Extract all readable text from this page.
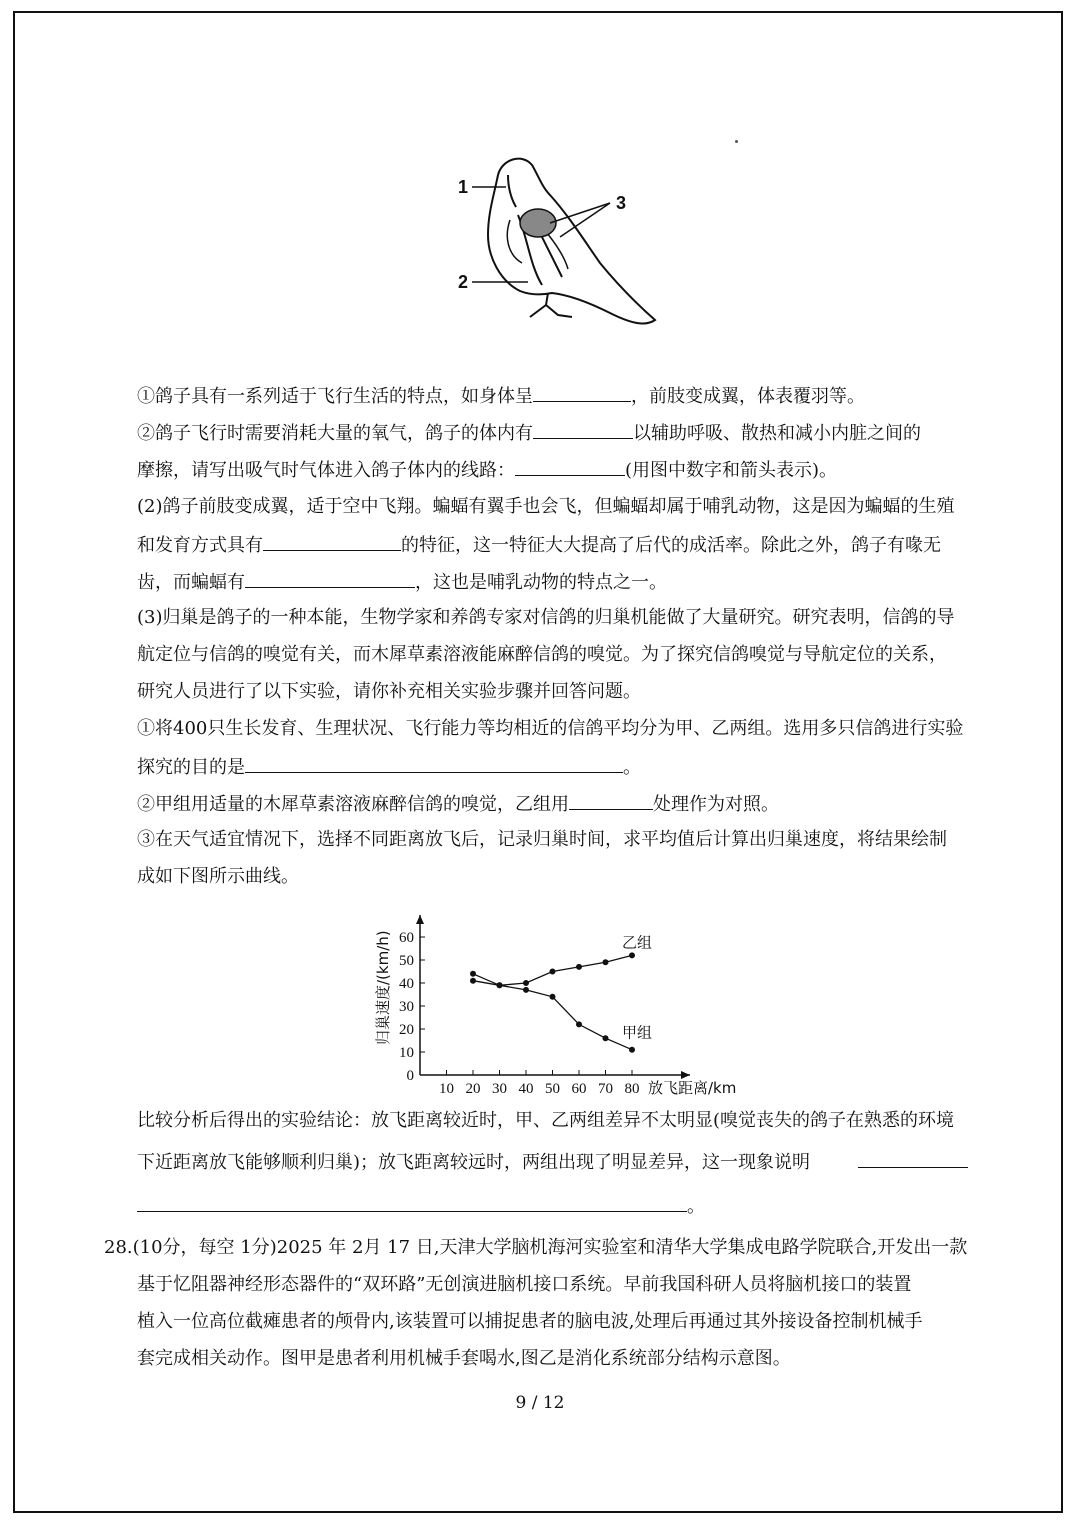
1
2
3
①鸽子具有一系列适于飞行生活的特点，如身体呈	，前肢变成翼，体表覆羽等。
②鸽子飞行时需要消耗大量的氧气，鸽子的体内有	以辅助呼吸、散热和减小内脏之间的
摩擦，请写出吸气时气体进入鸽子体内的线路：	(用图中数字和箭头表示)。
(2)鸽子前肢变成翼，适于空中飞翔。蝙蝠有翼手也会飞，但蝙蝠却属于哺乳动物，这是因为蝙蝠的生殖
和发育方式具有	的特征，这一特征大大提高了后代的成活率。除此之外，鸽子有喙无
齿，而蝙蝠有	，这也是哺乳动物的特点之一。
(3)归巢是鸽子的一种本能，生物学家和养鸽专家对信鸽的归巢机能做了大量研究。研究表明，信鸽的导
航定位与信鸽的嗅觉有关，而木犀草素溶液能麻醉信鸽的嗅觉。为了探究信鸽嗅觉与导航定位的关系，
研究人员进行了以下实验，请你补充相关实验步骤并回答问题。
①将400只生长发育、生理状况、飞行能力等均相近的信鸽平均分为甲、乙两组。选用多只信鸽进行实验
探究的目的是	。
②甲组用适量的木犀草素溶液麻醉信鸽的嗅觉，乙组用	处理作为对照。
③在天气适宜情况下，选择不同距离放飞后，记录归巢时间，求平均值后计算出归巢速度，将结果绘制
成如下图所示曲线。
0
10
20
30
40
50
60
10 20 30 40 50 60 70 80 放飞距离/km
归巢速度/(km/h)	乙组
甲组
比较分析后得出的实验结论：放飞距离较近时，甲、乙两组差异不太明显(嗅觉丧失的鸽子在熟悉的环境
下近距离放飞能够顺利归巢)；放飞距离较远时，两组出现了明显差异，这一现象说明
。
28.(10分，每空 1分)2025 年 2月 17 日,天津大学脑机海河实验室和清华大学集成电路学院联合,开发出一款
基于忆阻器神经形态器件的“双环路”无创演进脑机接口系统。早前我国科研人员将脑机接口的装置
植入一位高位截瘫患者的颅骨内,该装置可以捕捉患者的脑电波,处理后再通过其外接设备控制机械手
套完成相关动作。图甲是患者利用机械手套喝水,图乙是消化系统部分结构示意图。
9 / 12
